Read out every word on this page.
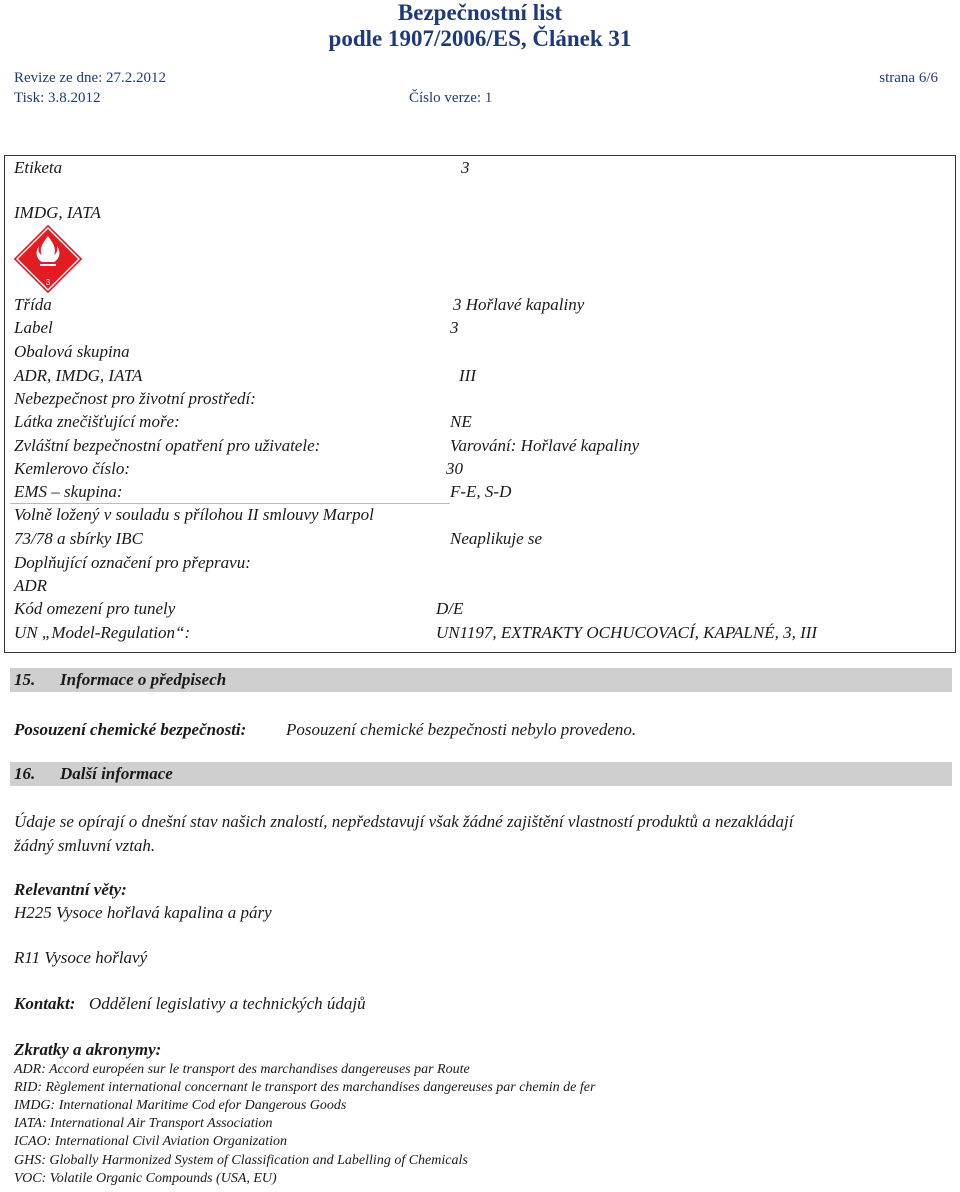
Bezpečnostní list
podle 1907/2006/ES, Článek 31
Revize ze dne: 27.2.2012	strana 6/6
Tisk: 3.8.2012	Číslo verze: 1
Etiketa	3
IMDG, IATA
3
Třída	3 Hořlavé kapaliny
Label	3
Obalová skupina
ADR, IMDG, IATA	III
Nebezpečnost pro životní prostředí:
Látka znečišťující moře:	NE
Zvláštní bezpečnostní opatření pro uživatele:	Varování: Hořlavé kapaliny
Kemlerovo číslo:	30
EMS – skupina:	F-E, S-D
Volně ložený v souladu s přílohou II smlouvy Marpol
73/78 a sbírky IBC	Neaplikuje se
Doplňující označení pro přepravu:
ADR
Kód omezení pro tunely	D/E
UN „Model-Regulation“:	UN1197, EXTRAKTY OCHUCOVACÍ, KAPALNÉ, 3, III
15. Informace o předpisech
Posouzení chemické bezpečnosti: Posouzení chemické bezpečnosti nebylo provedeno.
16. Další informace
Údaje se opírají o dnešní stav našich znalostí, nepředstavují však žádné zajištění vlastností produktů a nezakládají
žádný smluvní vztah.
Relevantní věty:
H225 Vysoce hořlavá kapalina a páry
R11 Vysoce hořlavý
Kontakt: Oddělení legislativy a technických údajů
Zkratky a akronymy:
ADR: Accord européen sur le transport des marchandises dangereuses par Route
RID: Règlement international concernant le transport des marchandises dangereuses par chemin de fer
IMDG: International Maritime Cod efor Dangerous Goods
IATA: International Air Transport Association
ICAO: International Civil Aviation Organization
GHS: Globally Harmonized System of Classification and Labelling of Chemicals
VOC: Volatile Organic Compounds (USA, EU)
